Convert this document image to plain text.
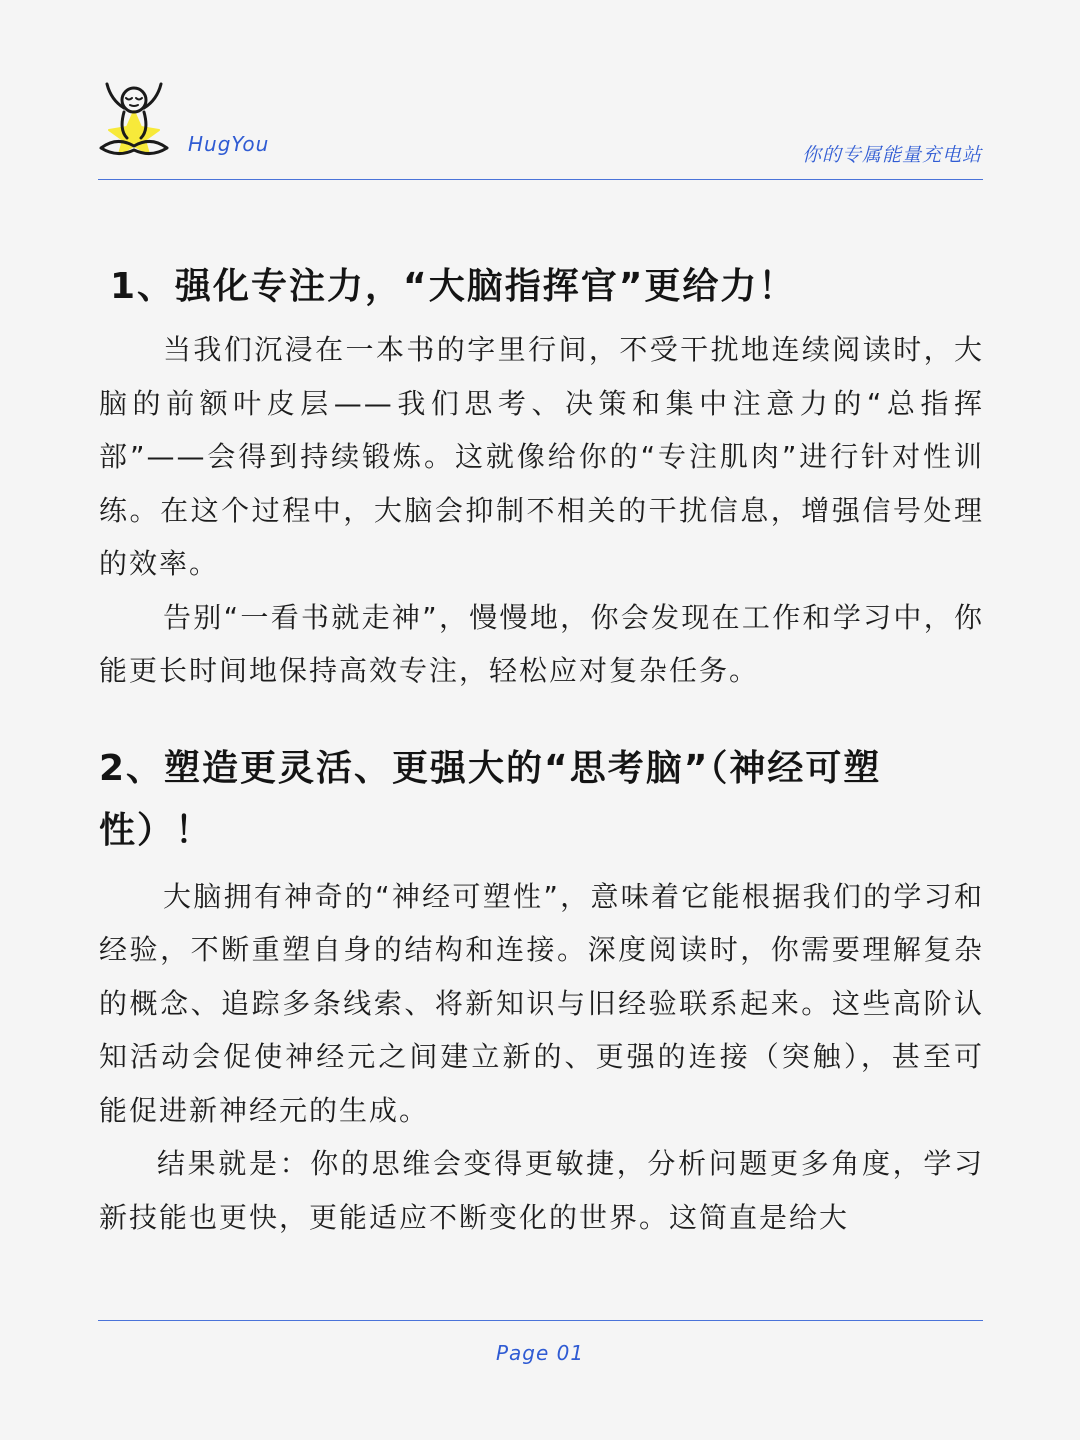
HugYou	你的专属能量充电站
1、强化专注力，“大脑指挥官”更给力！

当我们沉浸在一本书的字里行间，不受干扰地连续阅读时，大脑的前额叶皮层——我们思考、决策和集中注意力的“总指挥部”——会得到持续锻炼。这就像给你的“专注肌肉”进行针对性训练。在这个过程中，大脑会抑制不相关的干扰信息，增强信号处理的效率。

告别“一看书就走神”，慢慢地，你会发现在工作和学习中，你能更长时间地保持高效专注，轻松应对复杂任务。

2、塑造更灵活、更强大的“思考脑”（神经可塑性）！

大脑拥有神奇的“神经可塑性”，意味着它能根据我们的学习和经验，不断重塑自身的结构和连接。深度阅读时，你需要理解复杂的概念、追踪多条线索、将新知识与旧经验联系起来。这些高阶认知活动会促使神经元之间建立新的、更强的连接（突触），甚至可能促进新神经元的生成。

结果就是：你的思维会变得更敏捷，分析问题更多角度，学习新技能也更快，更能适应不断变化的世界。这简直是给大

Page 01
